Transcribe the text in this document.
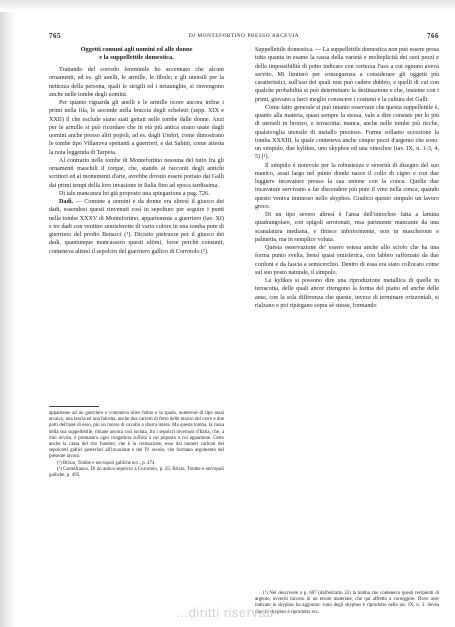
765	DI MONTEFORTINO PRESSO ARCEVIA	766

Oggetti comuni agli uomini ed alle donne
e la suppellettile domestica.

Trattando del corredo femminile ho accennato che alcuni ornamenti, ed es. gli anelli, le armille, le fibule; e gli utensili per la nettezza della persona, quali le strigili ed i netaunghie, si rinvengono anche nelle tombe degli uomini.

Per quanto riguarda gli anelli e le armille ocore ancora infine i primi nella fila, le seconde nella braccia degli scheletri (sepp. XIX e XXII) il che esclude siano stati gettati nelle tombe dalle donne. Anzi per le armille si può ricordare che in età più antica erano usate dagli uomini anche presso altri popoli, ad es. dagli Umbri, come dimostrano le tombe tipo Villanova spettanti a guerrieri, e dai Sabini, come attesta la nota leggenda di Tarpeia.

Al contrario nelle tombe di Montefortino nessuna del tutto fra gli ornamenti maschili il torque, che, stando ai racconti degli antichi scrittori ed ai monumenti d'arte, avrebbe dovuto essere portato dai Galli dai primi tempi della loro invasione in Italia fino ad epoca tardissima.

Di tale mancanza ho già proposto una spiegazione a pag. 726.

Dadi. — Comune a uomini e da donne era altresì il giuoco dei dadi, essendosi questi rinvenuti così in sepolture per seguire i punti nella tombe XXXV di Montefortino, appartenente a guerriero (tav. XI) e tre dadi con ventitre semisferette di vario colore in una tomba pure di guerriero del predio Benacci (¹). Dicisito pietruzze per il giuoco dei dadi, quantunque mancassero questi ultimi, forse perchè consunti, conteneva altresì il sepolcro del guerriero gallico di Corrotolo (²).

Suppellettile domestica. — La suppellettile domestica non può essere presa tutta quanta in esame la cassa della varietà e molteplicità dei suoi pezzi e della impossibilità di poter indicare con certezza l'uso a cui ognuno aveva servito. Mi limiterò per conseguenza a considerare gli oggetti più caratteristici, sull'uso dei quali non può cadere dubbio, e quelli di cui con qualche probabilità si può determinare la destinazione e che, insieme con i primi, giovano a farci meglio conoscere i costumi e la cultura dei Galli.

Come fatto generale si può intanto osservare che questa suppellettile è, quanto alla materia, quasi sempre la stessa, vale a dire consiste per lo più di utensili in bronzo, e terracotta; manca, anche nelle tombe più ricche, qualsivoglia utensile di metallo prezioso. Forma sollanto eccezione la tomba XXXIII, la quale conteneva anche cinque pezzi d'argento che sono: un simpulo, due kylikes, uno skyphos ed una oinochoe (tav. IX, n. 1-3, 4, 5) (¹).

Il simpulo è notevole per la robustezza e severità di disegno del suo manico, assai largo nel punto donde nasce il collo di cigno e con due leggiere incavature presso la sua unione con la conca. Quelle due incavature servivano a far discendere più pure il vino nella conca, quando questo veniva immesso nello skyphos. Giudico questo simpulo un lavoro greco.

Di un tipo severo altresì è l'ansa dell'oinochoe fatta a lamina quadrangolare, con spigoli arrotonati, resa parimente mancante da una scanalatura mediana, e finisce inferiormente, non in mascherone e palmetta, ma in semplice voluta.

Questa osservazione de' essere estesa anche allo sciolo che ha una forma punto svelta, bensì quasi emisferica, con labbro rafforzato da due cordoni e da fascia a semicerchio. Dentro di essa era stato collocato come sul suo posto naturale, il simpulo.

Le kylikes si possono dire una riproduzione metallica di quelle in terracotta, delle quali ancor ritengono la forma del piatto ed anche delle anse, con la sola differenza che queste, invece di terminare orizzontali, si rialzano e poi ripiegano sopra sè stesse, formando

appartenne ad un guerriero e conteneva oltre l'elmo e la spada, numerose di tipo assai arcaico, una lancia ed una falcetta, anche due carretti di ferro delle mozzo del carro e due parti dell'asse di esso, più un morso di cavallo a sbarra intera. Ma questa tomba, la cassa della sua suppellettile, rimane ancora così isolata, fra i sepolcri invernosi d'Italia, che, a mio avviso, è prematuro ogni congettura sull'età a cui poposto a coi appartiene. Certo anche la cassa del rito funebre, che è la cremazione, esso dai numeri carboni dei sepolcreti gallici posteriori all'invasione e del IV secolo, che formano argomento del presente lavoro.

(¹) Brizio, Tombe e necropoli galliche ecc., p. 474.

(²) Castelfranco, Di un antico sepolcro a Corrotolo, p. 35; Brizio, Tombe e necropoli galliche, p. 495.

(¹) Nel descrivere a p. 687 (dall'estratto 33) la tomba che conteneva questi recipienti di argento, avvertii incorso in un errore materiale, che qui affretto a correggere. Dove aver indicato lo skyphos ha aggiunto: sono degli skyphos è riprodotto nella tav. IX, n. 3: dovea dire: lo skyphos è riprodotto ecc.

...diritti riservati
